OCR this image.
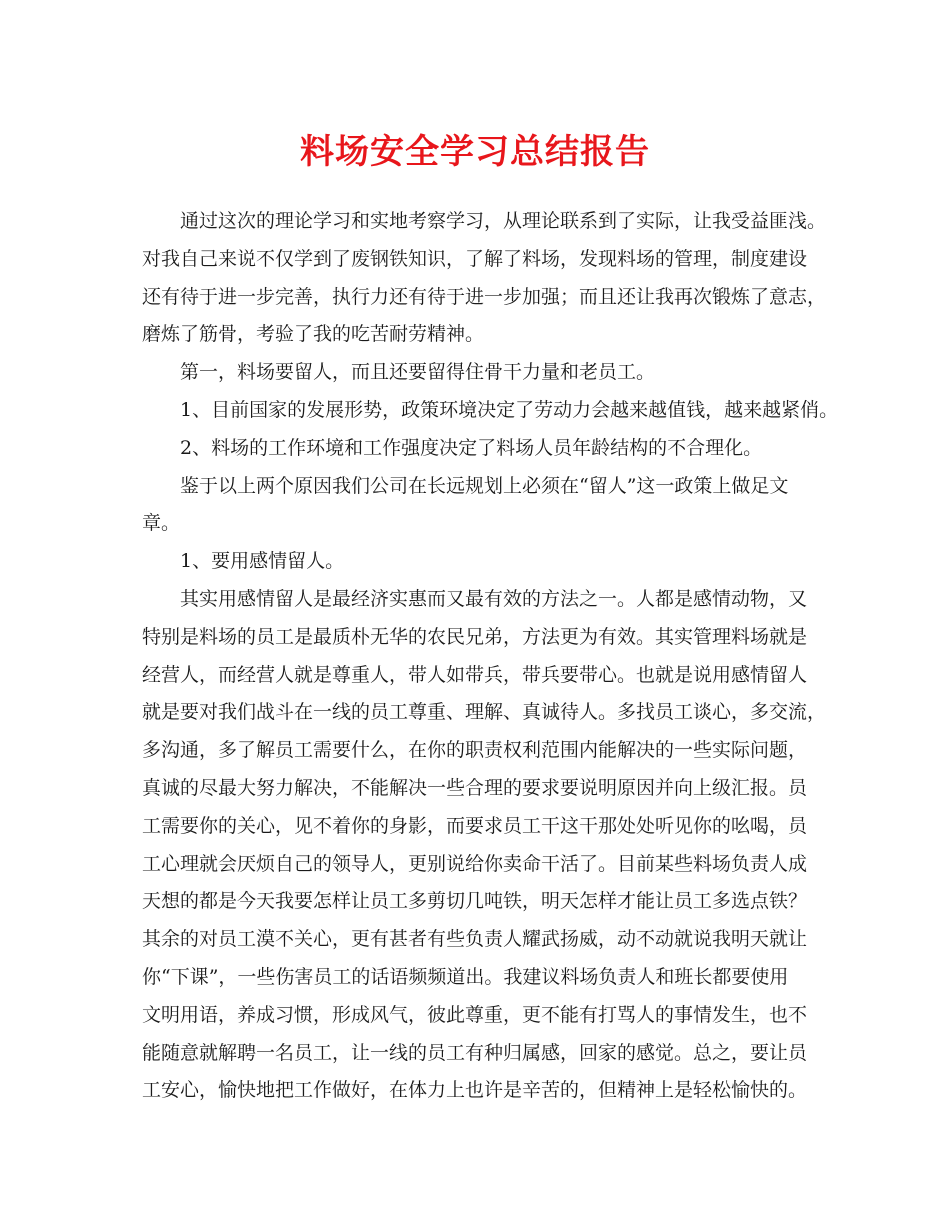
料场安全学习总结报告
通过这次的理论学习和实地考察学习，从理论联系到了实际，让我受益匪浅。
对我自己来说不仅学到了废钢铁知识，了解了料场，发现料场的管理，制度建设
还有待于进一步完善，执行力还有待于进一步加强；而且还让我再次锻炼了意志，
磨炼了筋骨，考验了我的吃苦耐劳精神。
第一，料场要留人，而且还要留得住骨干力量和老员工。
1、目前国家的发展形势，政策环境决定了劳动力会越来越值钱，越来越紧俏。
2、料场的工作环境和工作强度决定了料场人员年龄结构的不合理化。
鉴于以上两个原因我们公司在长远规划上必须在“留人”这一政策上做足文
章。
1、要用感情留人。
其实用感情留人是最经济实惠而又最有效的方法之一。人都是感情动物，又
特别是料场的员工是最质朴无华的农民兄弟，方法更为有效。其实管理料场就是
经营人，而经营人就是尊重人，带人如带兵，带兵要带心。也就是说用感情留人
就是要对我们战斗在一线的员工尊重、理解、真诚待人。多找员工谈心，多交流，
多沟通，多了解员工需要什么，在你的职责权利范围内能解决的一些实际问题，
真诚的尽最大努力解决，不能解决一些合理的要求要说明原因并向上级汇报。员
工需要你的关心，见不着你的身影，而要求员工干这干那处处听见你的吆喝，员
工心理就会厌烦自己的领导人，更别说给你卖命干活了。目前某些料场负责人成
天想的都是今天我要怎样让员工多剪切几吨铁，明天怎样才能让员工多选点铁？
其余的对员工漠不关心，更有甚者有些负责人耀武扬威，动不动就说我明天就让
你“下课”，一些伤害员工的话语频频道出。我建议料场负责人和班长都要使用
文明用语，养成习惯，形成风气，彼此尊重，更不能有打骂人的事情发生，也不
能随意就解聘一名员工，让一线的员工有种归属感，回家的感觉。总之，要让员
工安心，愉快地把工作做好，在体力上也许是辛苦的，但精神上是轻松愉快的。
